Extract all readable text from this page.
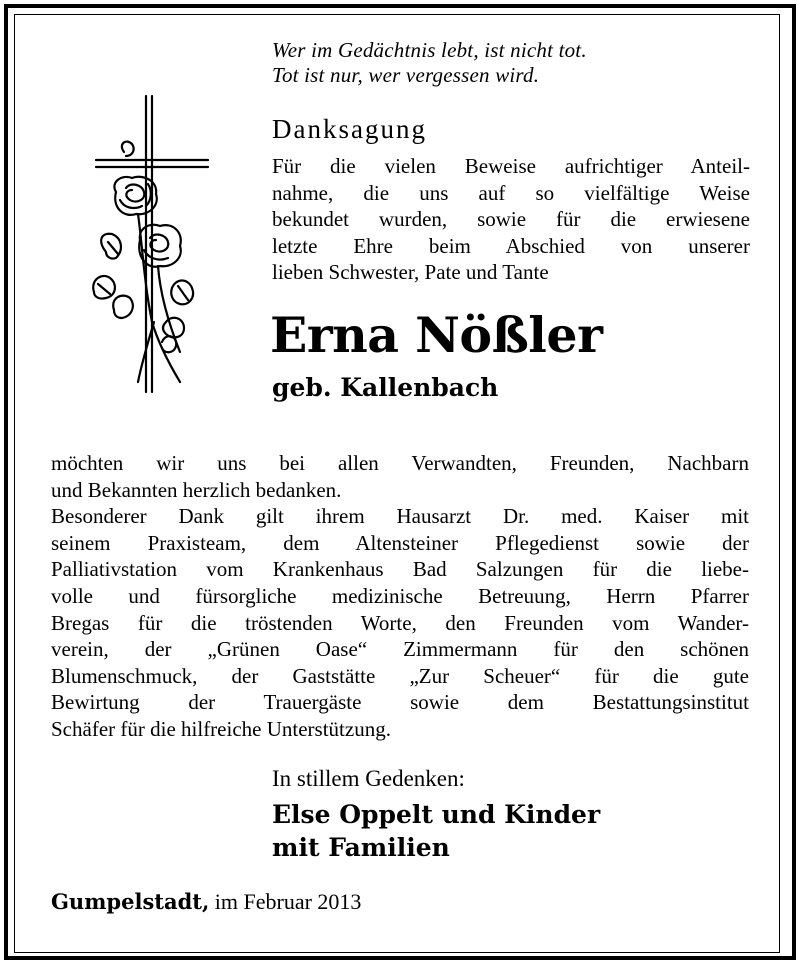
Wer im Gedächtnis lebt, ist nicht tot.
Tot ist nur, wer vergessen wird.
Danksagung
Für die vielen Beweise aufrichtiger Anteil-
nahme, die uns auf so vielfältige Weise
bekundet wurden, sowie für die erwiesene
letzte Ehre beim Abschied von unserer
lieben Schwester, Pate und Tante
Erna Nößler
geb. Kallenbach
möchten wir uns bei allen Verwandten, Freunden, Nachbarn
und Bekannten herzlich bedanken.
Besonderer Dank gilt ihrem Hausarzt Dr. med. Kaiser mit
seinem Praxisteam, dem Altensteiner Pflegedienst sowie der
Palliativstation vom Krankenhaus Bad Salzungen für die liebe-
volle und fürsorgliche medizinische Betreuung, Herrn Pfarrer
Bregas für die tröstenden Worte, den Freunden vom Wander-
verein, der „Grünen Oase“ Zimmermann für den schönen
Blumenschmuck, der Gaststätte „Zur Scheuer“ für die gute
Bewirtung der Trauergäste sowie dem Bestattungsinstitut
Schäfer für die hilfreiche Unterstützung.
In stillem Gedenken:
Else Oppelt und Kinder
mit Familien
Gumpelstadt, im Februar 2013
